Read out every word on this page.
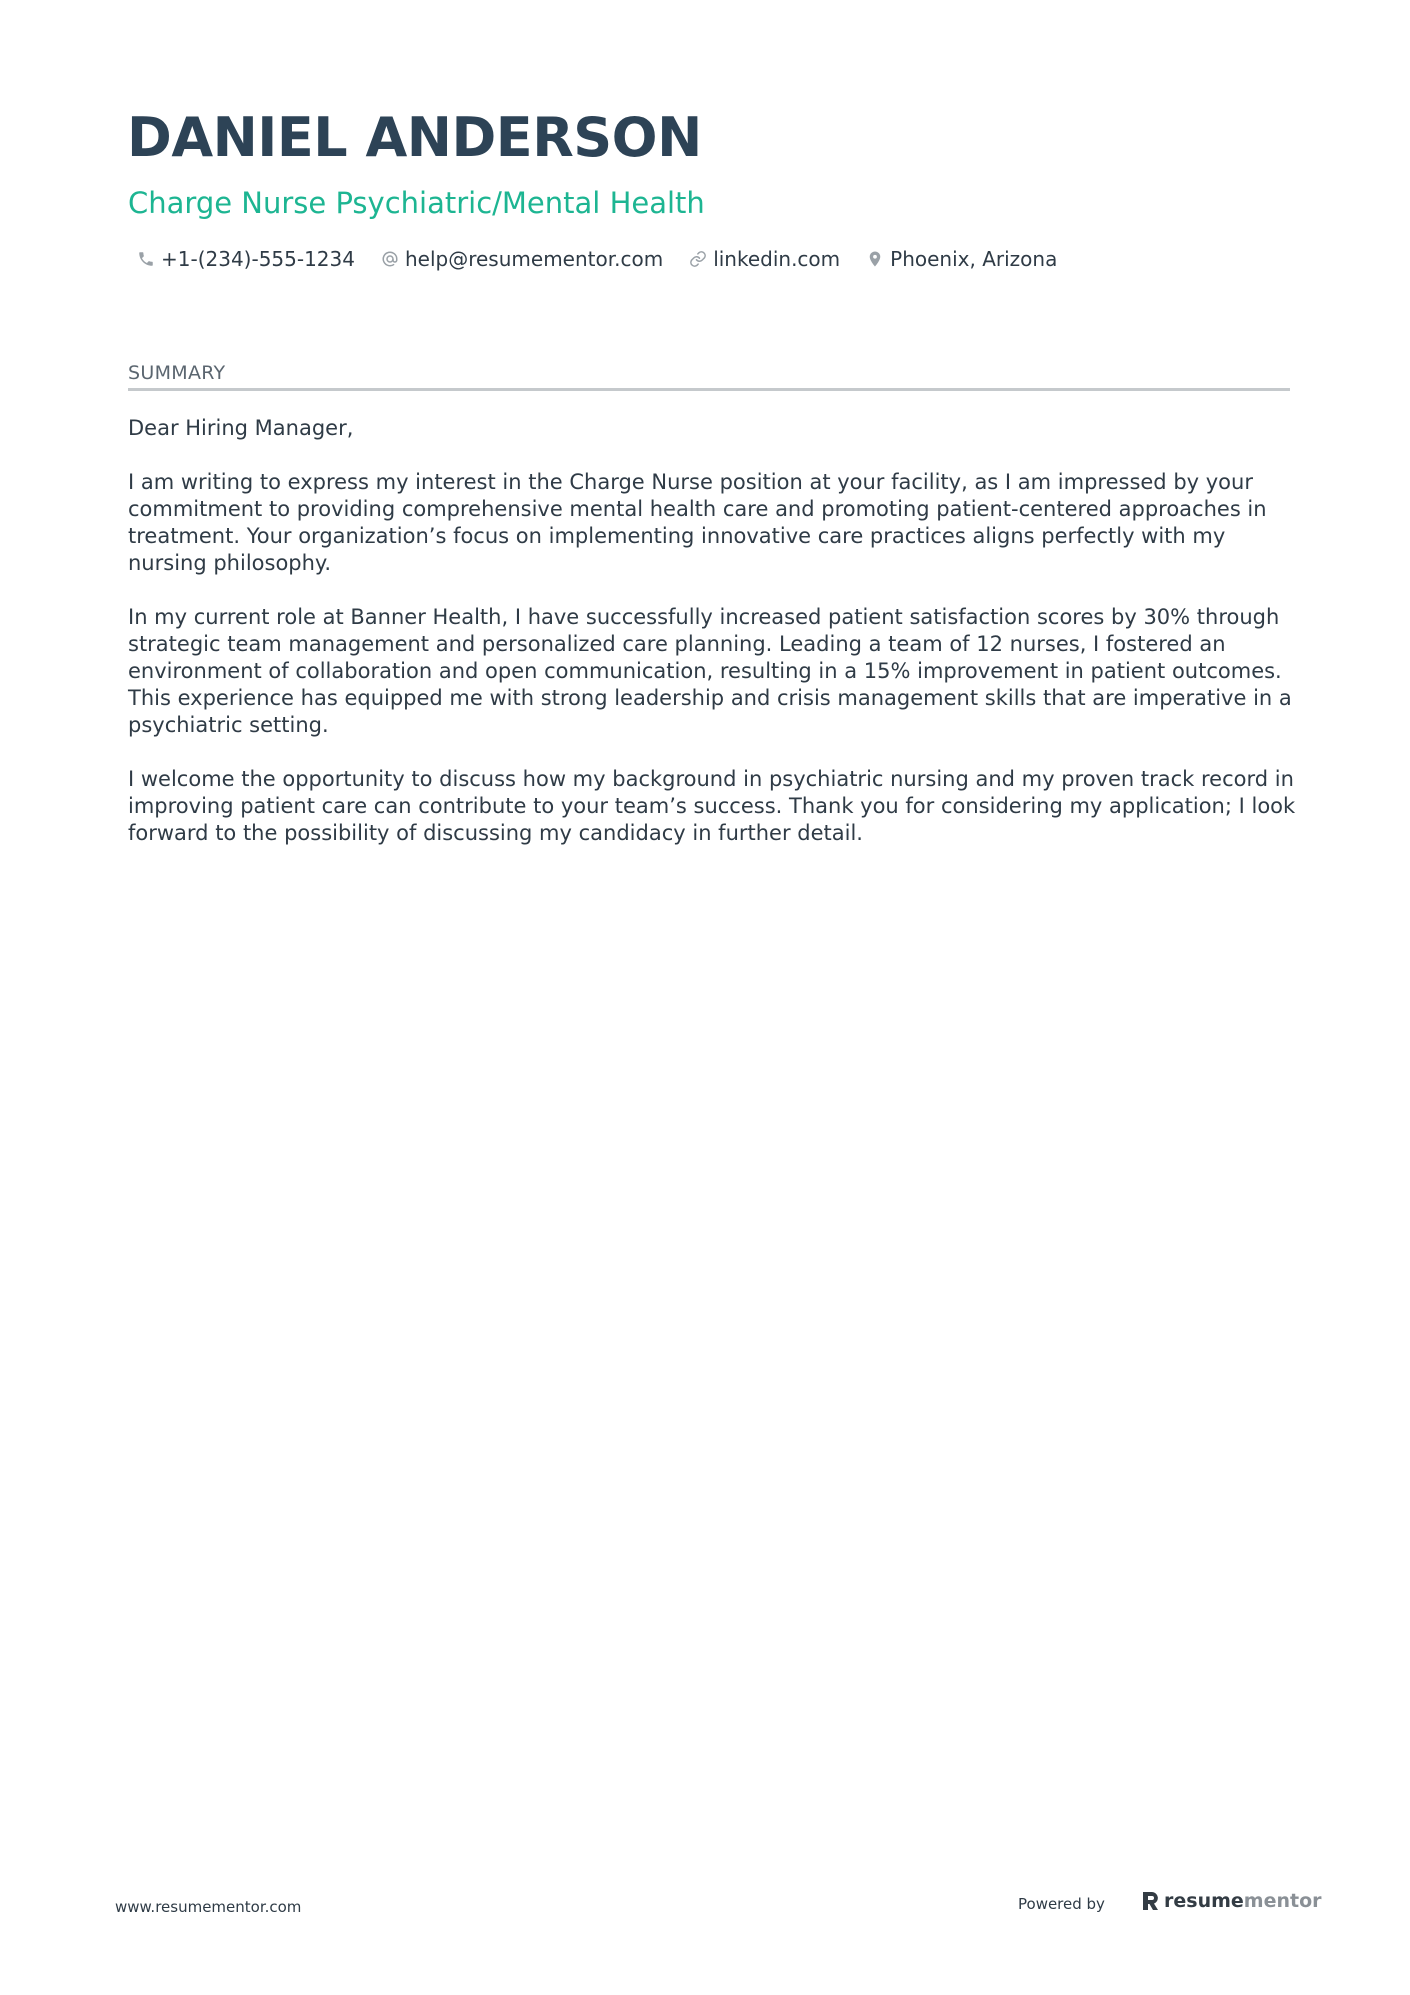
DANIEL ANDERSON
Charge Nurse Psychiatric/Mental Health
+1-(234)-555-1234	help@resumementor.com	linkedin.com	Phoenix, Arizona
SUMMARY

Dear Hiring Manager,

I am writing to express my interest in the Charge Nurse position at your facility, as I am impressed by your commitment to providing comprehensive mental health care and promoting patient-centered approaches in treatment. Your organization’s focus on implementing innovative care practices aligns perfectly with my nursing philosophy.

In my current role at Banner Health, I have successfully increased patient satisfaction scores by 30% through strategic team management and personalized care planning. Leading a team of 12 nurses, I fostered an environment of collaboration and open communication, resulting in a 15% improvement in patient outcomes. This experience has equipped me with strong leadership and crisis management skills that are imperative in a psychiatric setting.

I welcome the opportunity to discuss how my background in psychiatric nursing and my proven track record in improving patient care can contribute to your team’s success. Thank you for considering my application; I look forward to the possibility of discussing my candidacy in further detail.

www.resumementor.com	Powered by	resume mentor
